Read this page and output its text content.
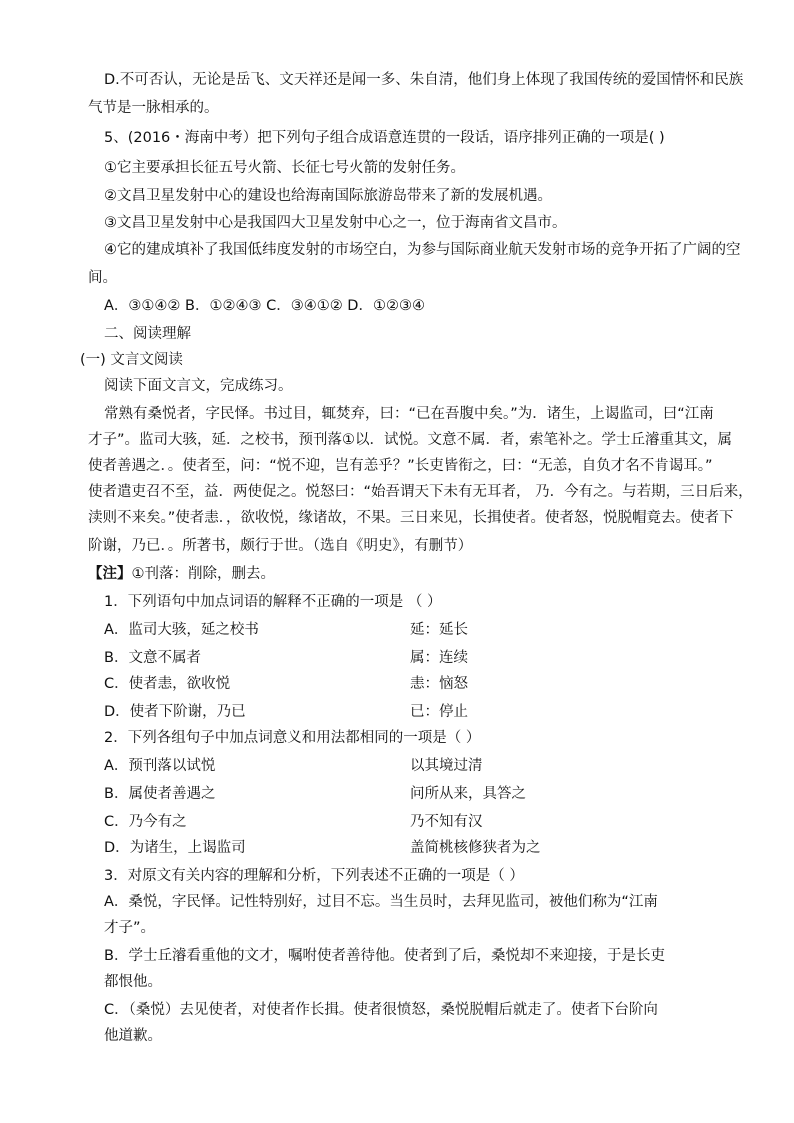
D.不可否认，无论是岳飞、文天祥还是闻一多、朱自清，他们身上体现了我国传统的爱国情怀和民族
气节是一脉相承的。
5、(2016・海南中考）把下列句子组合成语意连贯的一段话，语序排列正确的一项是( )
①它主要承担长征五号火箭、长征七号火箭的发射任务。
②文昌卫星发射中心的建设也给海南国际旅游岛带来了新的发展机遇。
③文昌卫星发射中心是我国四大卫星发射中心之一，位于海南省文昌市。
④它的建成填补了我国低纬度发射的市场空白，为参与国际商业航天发射市场的竞争开拓了广阔的空
间。
A．③①④② B．①②④③ C．③④①② D．①②③④
二、阅读理解
(一) 文言文阅读
阅读下面文言文，完成练习。
常熟有桑悦者，字民怿。书过目，辄焚弃，曰：“已在吾腹中矣。”为．诸生，上谒监司，曰“江南
才子”。监司大骇，延．之校书，预刊落①以．试悦。文意不属．者，索笔补之。学士丘濬重其文，属
使者善遇之．。使者至，问：“悦不迎，岂有恙乎？”长吏皆衔之，曰：“无恙，自负才名不肯谒耳。”
使者遣吏召不至，益．两使促之。悦怒曰：“始吾谓天下未有无耳者， 乃．今有之。与若期，三日后来，
渎则不来矣。”使者恚．，欲收悦，缘诸故，不果。三日来见，长揖使者。使者怒，悦脱帽竟去。使者下
阶谢，乃已．。所著书，颇行于世。（选自《明史》，有删节）
【注】①刊落：削除，删去。
1．下列语句中加点词语的解释不正确的一项是 （ ）
A．监司大骇，延之校书	延：延长
B．文意不属者	属：连续
C．使者恚，欲收悦	恚：恼怒
D．使者下阶谢，乃已	已：停止
2．下列各组句子中加点词意义和用法都相同的一项是（ ）
A．预刊落以试悦	以其境过清
B．属使者善遇之	问所从来，具答之
C．乃今有之	乃不知有汉
D．为诸生，上谒监司	盖简桃核修狭者为之
3．对原文有关内容的理解和分析，下列表述不正确的一项是（ ）
A．桑悦，字民怿。记性特别好，过目不忘。当生员时，去拜见监司，被他们称为“江南
才子”。
B．学士丘濬看重他的文才，嘱咐使者善待他。使者到了后，桑悦却不来迎接，于是长吏
都恨他。
C．（桑悦）去见使者，对使者作长揖。使者很愤怒，桑悦脱帽后就走了。使者下台阶向
他道歉。
